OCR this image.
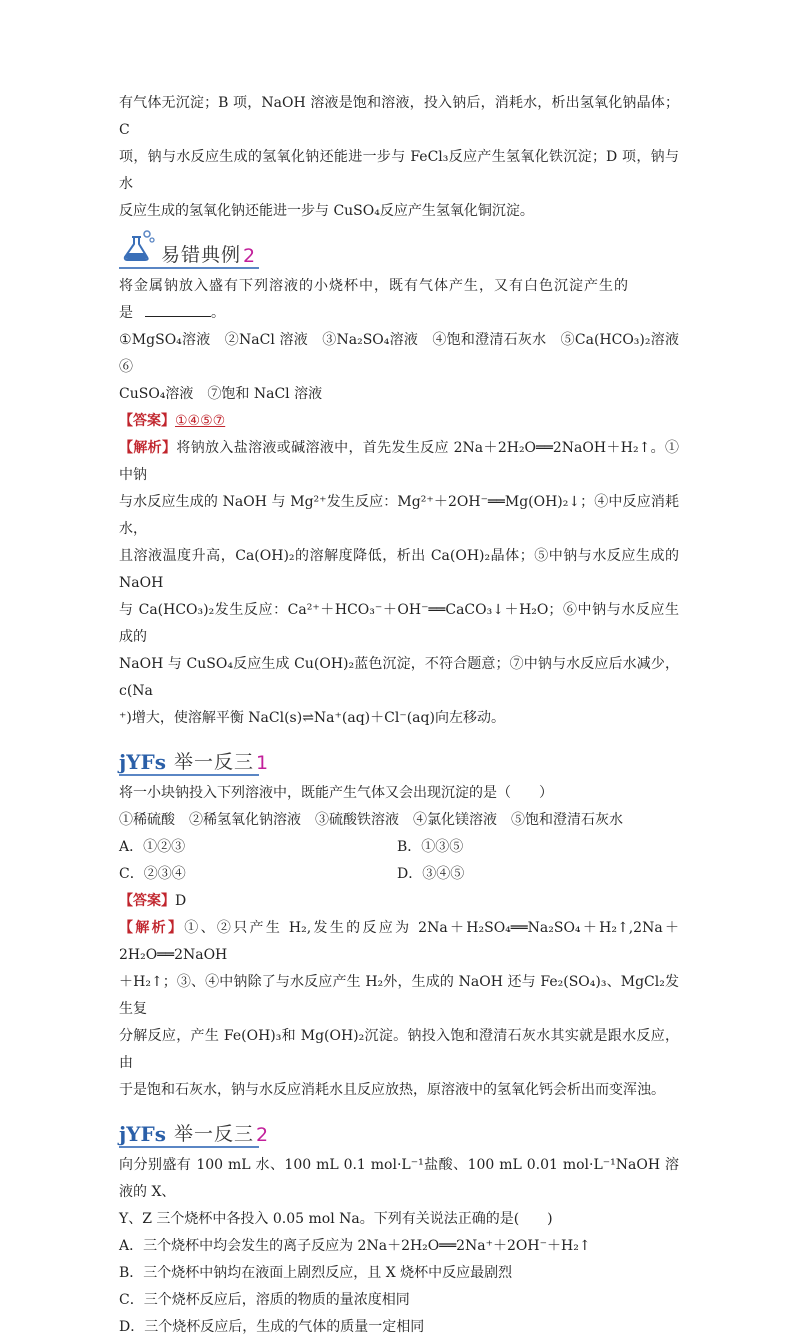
有气体无沉淀；B 项，NaOH 溶液是饱和溶液，投入钠后，消耗水，析出氢氧化钠晶体；C
项，钠与水反应生成的氢氧化钠还能进一步与 FeCl₃反应产生氢氧化铁沉淀；D 项，钠与水
反应生成的氢氧化钠还能进一步与 CuSO₄反应产生氢氧化铜沉淀。
易错典例 2
将金属钠放入盛有下列溶液的小烧杯中，既有气体产生，又有白色沉淀产生的
是	。
①MgSO₄溶液　②NaCl 溶液　③Na₂SO₄溶液　④饱和澄清石灰水　⑤Ca(HCO₃)₂溶液　⑥
CuSO₄溶液　⑦饱和 NaCl 溶液
【答案】①④⑤⑦
【解析】将钠放入盐溶液或碱溶液中，首先发生反应 2Na＋2H₂O══2NaOH＋H₂↑。①中钠
与水反应生成的 NaOH 与 Mg²⁺发生反应：Mg²⁺＋2OH⁻══Mg(OH)₂↓；④中反应消耗水，
且溶液温度升高，Ca(OH)₂的溶解度降低，析出 Ca(OH)₂晶体；⑤中钠与水反应生成的 NaOH
与 Ca(HCO₃)₂发生反应：Ca²⁺＋HCO₃⁻＋OH⁻══CaCO₃↓＋H₂O；⑥中钠与水反应生成的
NaOH 与 CuSO₄反应生成 Cu(OH)₂蓝色沉淀，不符合题意；⑦中钠与水反应后水减少，c(Na
⁺)增大，使溶解平衡 NaCl(s)⇌Na⁺(aq)＋Cl⁻(aq)向左移动。
jYFs 举一反三 1
将一小块钠投入下列溶液中，既能产生气体又会出现沉淀的是（　　）
①稀硫酸　②稀氢氧化钠溶液　③硫酸铁溶液　④氯化镁溶液　⑤饱和澄清石灰水
A．①②③	B．①③⑤
C．②③④	D．③④⑤
【答案】D
【解析】①、②只产生 H₂,发生的反应为 2Na＋H₂SO₄══Na₂SO₄＋H₂↑,2Na＋2H₂O══2NaOH
＋H₂↑；③、④中钠除了与水反应产生 H₂外，生成的 NaOH 还与 Fe₂(SO₄)₃、MgCl₂发生复
分解反应，产生 Fe(OH)₃和 Mg(OH)₂沉淀。钠投入饱和澄清石灰水其实就是跟水反应，由
于是饱和石灰水，钠与水反应消耗水且反应放热，原溶液中的氢氧化钙会析出而变浑浊。
jYFs 举一反三 2
向分别盛有 100 mL 水、100 mL 0.1 mol·L⁻¹盐酸、100 mL 0.01 mol·L⁻¹NaOH 溶液的 X、
Y、Z 三个烧杯中各投入 0.05 mol Na。下列有关说法正确的是(　　)
A．三个烧杯中均会发生的离子反应为 2Na＋2H₂O══2Na⁺＋2OH⁻＋H₂↑
B．三个烧杯中钠均在液面上剧烈反应，且 X 烧杯中反应最剧烈
C．三个烧杯反应后，溶质的物质的量浓度相同
D．三个烧杯反应后，生成的气体的质量一定相同
